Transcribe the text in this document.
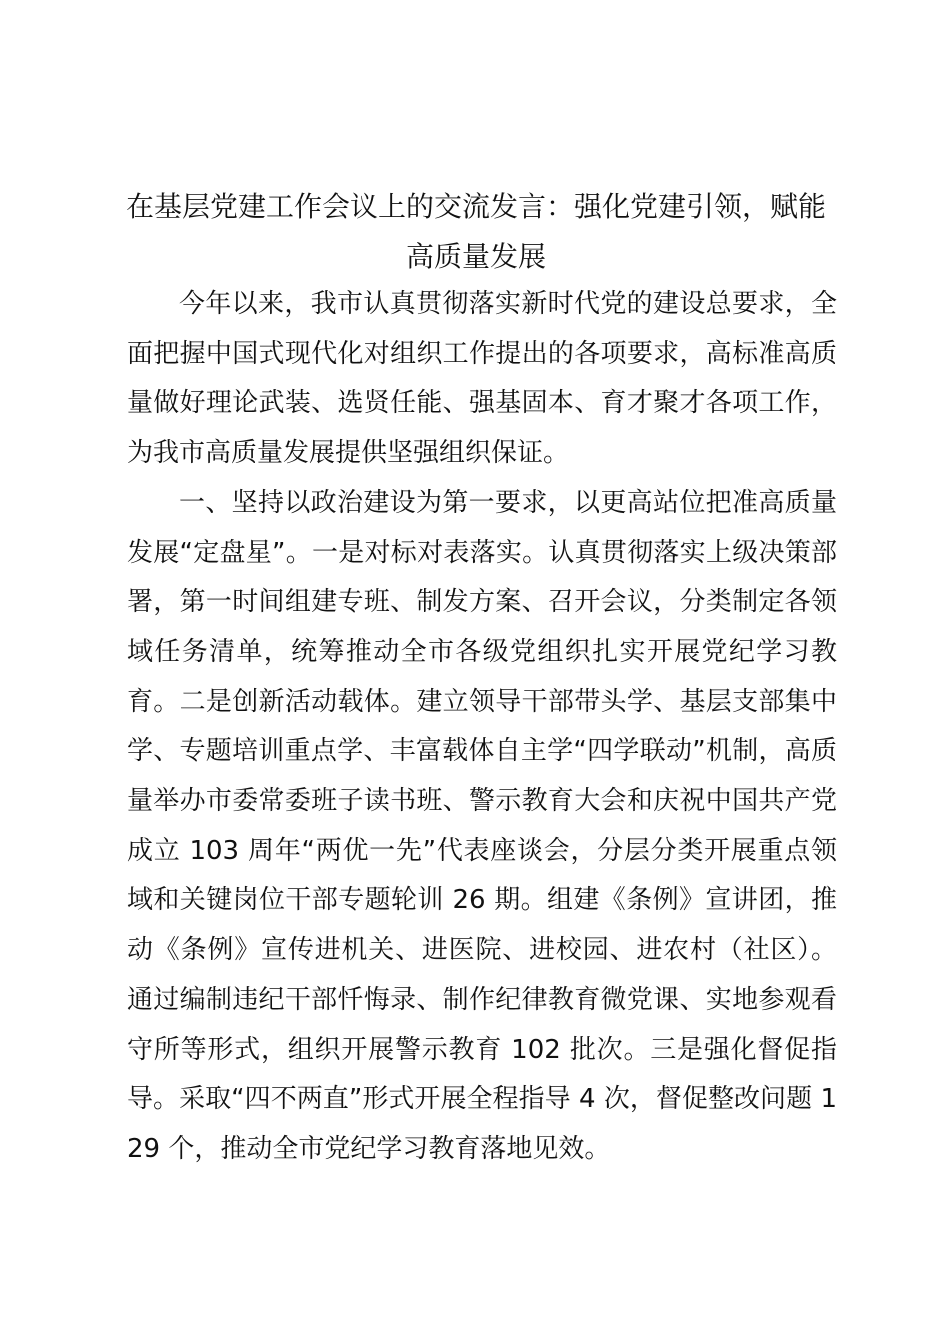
在基层党建工作会议上的交流发言：强化党建引领，赋能高质量发展

今年以来，我市认真贯彻落实新时代党的建设总要求，全面把握中国式现代化对组织工作提出的各项要求，高标准高质量做好理论武装、选贤任能、强基固本、育才聚才各项工作，为我市高质量发展提供坚强组织保证。

一、坚持以政治建设为第一要求，以更高站位把准高质量发展“定盘星”。一是对标对表落实。认真贯彻落实上级决策部署，第一时间组建专班、制发方案、召开会议，分类制定各领域任务清单，统筹推动全市各级党组织扎实开展党纪学习教育。二是创新活动载体。建立领导干部带头学、基层支部集中学、专题培训重点学、丰富载体自主学“四学联动”机制，高质量举办市委常委班子读书班、警示教育大会和庆祝中国共产党成立 103 周年“两优一先”代表座谈会，分层分类开展重点领域和关键岗位干部专题轮训 26 期。组建《条例》宣讲团，推动《条例》宣传进机关、进医院、进校园、进农村（社区）。通过编制违纪干部忏悔录、制作纪律教育微党课、实地参观看守所等形式，组织开展警示教育 102 批次。三是强化督促指导。采取“四不两直”形式开展全程指导 4 次，督促整改问题 129 个，推动全市党纪学习教育落地见效。
